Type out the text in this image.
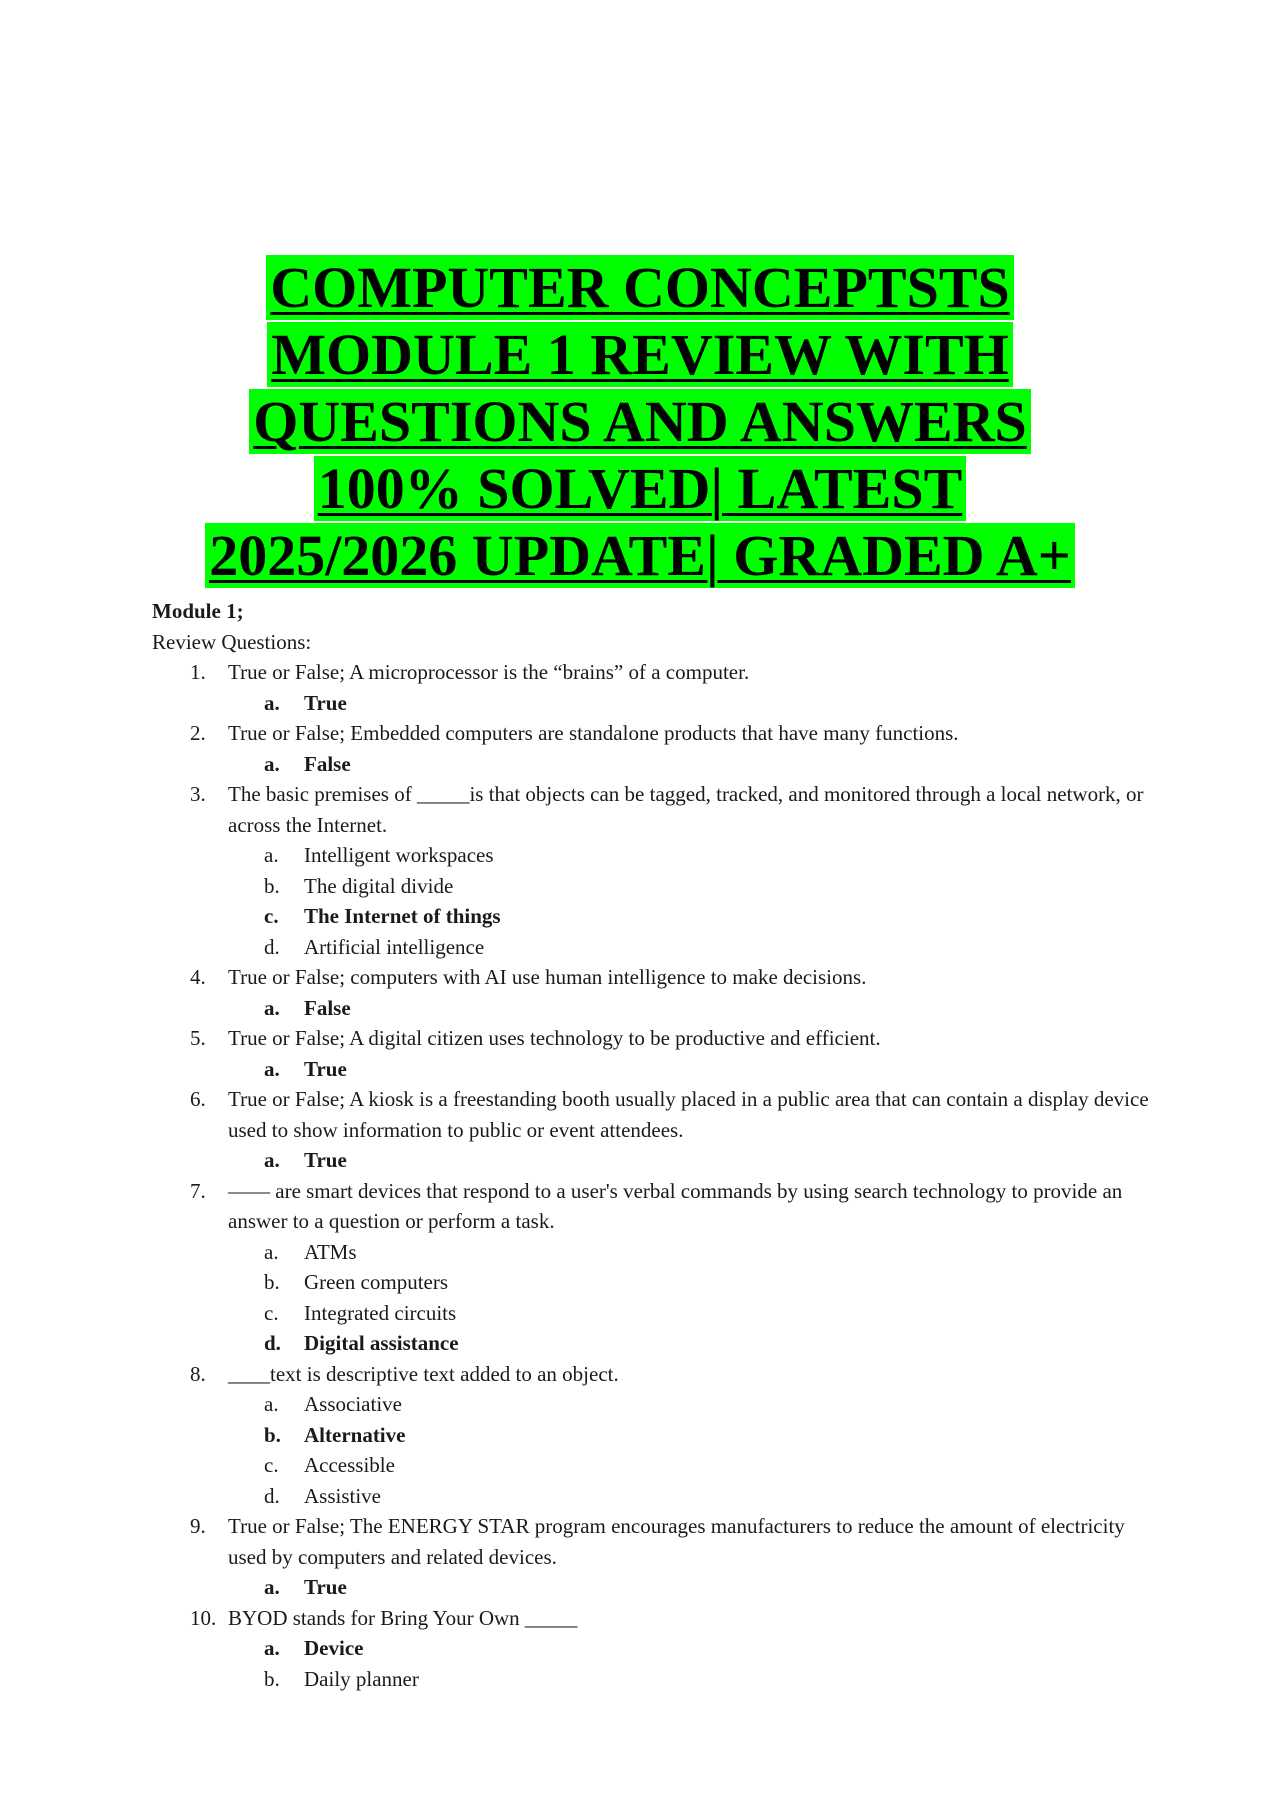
COMPUTER CONCEPTSTS
MODULE 1 REVIEW WITH
QUESTIONS AND ANSWERS
100% SOLVED| LATEST
2025/2026 UPDATE| GRADED A+
Module 1;
Review Questions:
1. True or False; A microprocessor is the “brains” of a computer.
a. True
2. True or False; Embedded computers are standalone products that have many functions.
a. False
3. The basic premises of _____is that objects can be tagged, tracked, and monitored through a local network, or across the Internet.
a. Intelligent workspaces
b. The digital divide
c. The Internet of things
d. Artificial intelligence
4. True or False; computers with AI use human intelligence to make decisions.
a. False
5. True or False; A digital citizen uses technology to be productive and efficient.
a. True
6. True or False; A kiosk is a freestanding booth usually placed in a public area that can contain a display device used to show information to public or event attendees.
a. True
7. —— are smart devices that respond to a user's verbal commands by using search technology to provide an answer to a question or perform a task.
a. ATMs
b. Green computers
c. Integrated circuits
d. Digital assistance
8. ____text is descriptive text added to an object.
a. Associative
b. Alternative
c. Accessible
d. Assistive
9. True or False; The ENERGY STAR program encourages manufacturers to reduce the amount of electricity used by computers and related devices.
a. True
10. BYOD stands for Bring Your Own _____
a. Device
b. Daily planner
